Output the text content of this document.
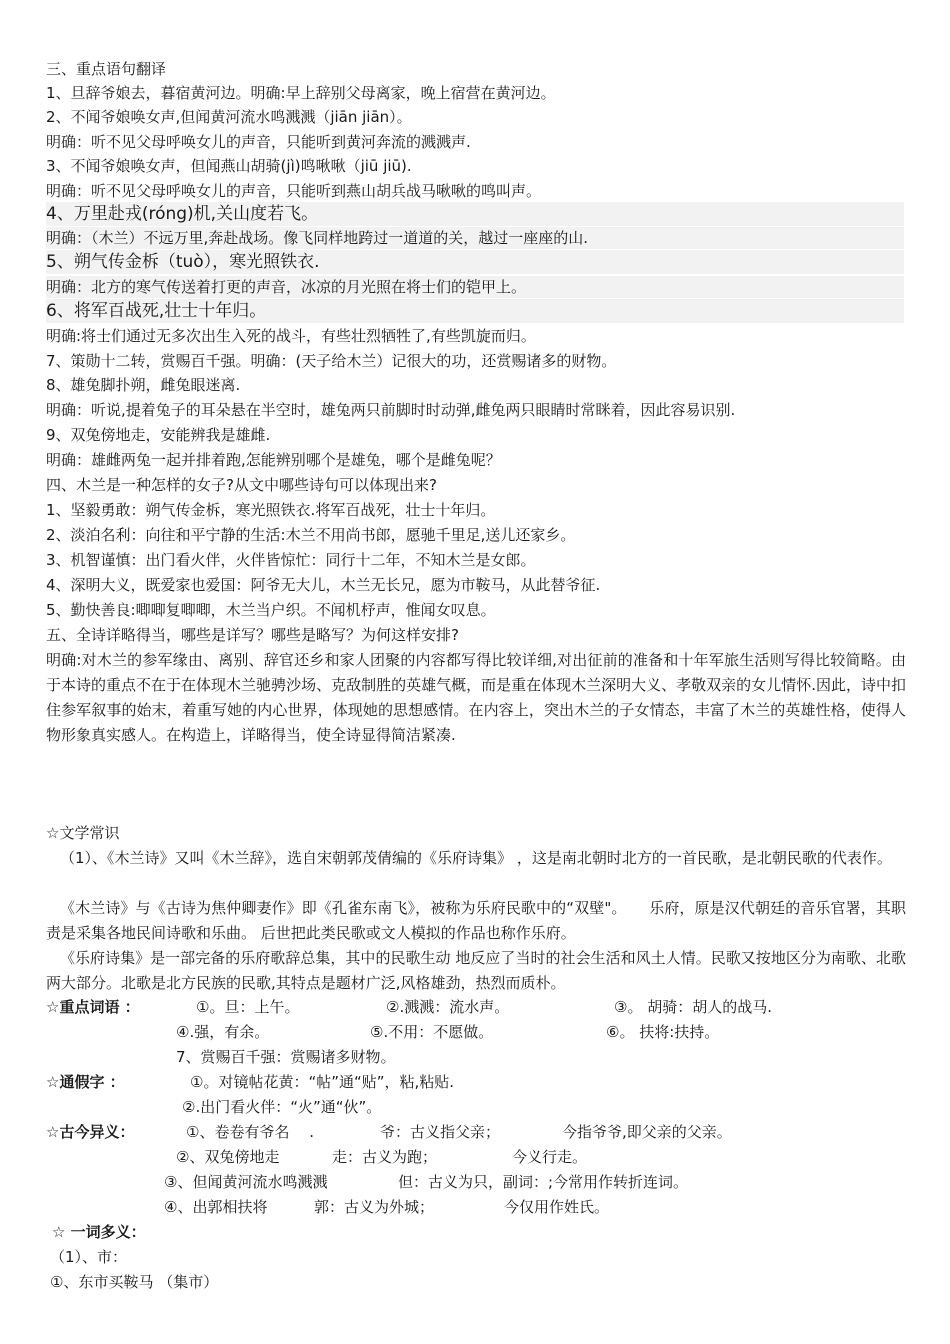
三、重点语句翻译
1、旦辞爷娘去，暮宿黄河边。明确:早上辞别父母离家，晚上宿营在黄河边。
2、不闻爷娘唤女声,但闻黄河流水鸣溅溅（jiān jiān）。
明确：听不见父母呼唤女儿的声音，只能听到黄河奔流的溅溅声.
3、不闻爷娘唤女声，但闻燕山胡骑(jì)鸣啾啾（jiū jiū).
明确：听不见父母呼唤女儿的声音，只能听到燕山胡兵战马啾啾的鸣叫声。
4、万里赴戎(róng)机,关山度若飞。
明确：（木兰）不远万里,奔赴战场。像飞同样地跨过一道道的关，越过一座座的山.
5、朔气传金柝（tuò），寒光照铁衣.
明确：北方的寒气传送着打更的声音，冰凉的月光照在将士们的铠甲上。
6、将军百战死,壮士十年归。
明确:将士们通过无多次出生入死的战斗，有些壮烈牺牲了,有些凯旋而归。
7、策勋十二转，赏赐百千强。明确：(天子给木兰）记很大的功，还赏赐诸多的财物。
8、雄兔脚扑朔，雌兔眼迷离.
明确：听说,提着兔子的耳朵悬在半空时，雄兔两只前脚时时动弹,雌兔两只眼睛时常眯着，因此容易识别.
9、双兔傍地走，安能辨我是雄雌.
明确：雄雌两兔一起并排着跑,怎能辨别哪个是雄兔，哪个是雌兔呢？
四、木兰是一种怎样的女子?从文中哪些诗句可以体现出来?
1、坚毅勇敢：朔气传金柝，寒光照铁衣.将军百战死，壮士十年归。
2、淡泊名利：向往和平宁静的生活:木兰不用尚书郎，愿驰千里足,送儿还家乡。
3、机智谨慎：出门看火伴，火伴皆惊忙：同行十二年，不知木兰是女郎。
4、深明大义，既爱家也爱国：阿爷无大儿，木兰无长兄，愿为市鞍马，从此替爷征.
5、勤快善良:唧唧复唧唧，木兰当户织。不闻机杼声，惟闻女叹息。
五、全诗详略得当，哪些是详写？哪些是略写？为何这样安排?
明确:对木兰的参军缘由、离别、辞官还乡和家人团聚的内容都写得比较详细,对出征前的准备和十年军旅生活则写得比较简略。由于本诗的重点不在于在体现木兰驰骋沙场、克敌制胜的英雄气概，而是重在体现木兰深明大义、孝敬双亲的女儿情怀.因此，诗中扣住参军叙事的始末，着重写她的内心世界，体现她的思想感情。在内容上，突出木兰的子女情态，丰富了木兰的英雄性格，使得人物形象真实感人。在构造上，详略得当，使全诗显得简洁紧凑.
☆文学常识
（1）、《木兰诗》又叫《木兰辞》，选自宋朝郭茂倩编的《乐府诗集》 ，这是南北朝时北方的一首民歌，是北朝民歌的代表作。
《木兰诗》与《古诗为焦仲卿妻作》即《孔雀东南飞》，被称为乐府民歌中的“双壁"。　　乐府，原是汉代朝廷的音乐官署，其职责是采集各地民间诗歌和乐曲。 后世把此类民歌或文人模拟的作品也称作乐府。
《乐府诗集》是一部完备的乐府歌辞总集，其中的民歌生动 地反应了当时的社会生活和风土人情。民歌又按地区分为南歌、北歌两大部分。北歌是北方民族的民歌,其特点是题材广泛,风格雄劲，热烈而质朴。
☆重点词语 ：	①。旦：上午。	②.溅溅：流水声。	③。 胡骑：胡人的战马.
④.强，有余。	⑤.不用：不愿做。	⑥。 扶将:扶持。
7、赏赐百千强：赏赐诸多财物。
☆通假字 ：	①。对镜帖花黄：“帖”通“贴”，粘,粘贴.
②.出门看火伴：“火”通“伙”。
☆古今异义：	①、卷卷有爷名　 .	爷：古义指父亲；	今指爷爷,即父亲的父亲。
②、双兔傍地走	走：古义为跑；	今义行走。
③、但闻黄河流水鸣溅溅	但：古义为只，副词：;今常用作转折连词。
④、出郭相扶将	郭：古义为外城；	今仅用作姓氏。
☆ 一词多义：
（1）、市：
①、东市买鞍马 （集市）
